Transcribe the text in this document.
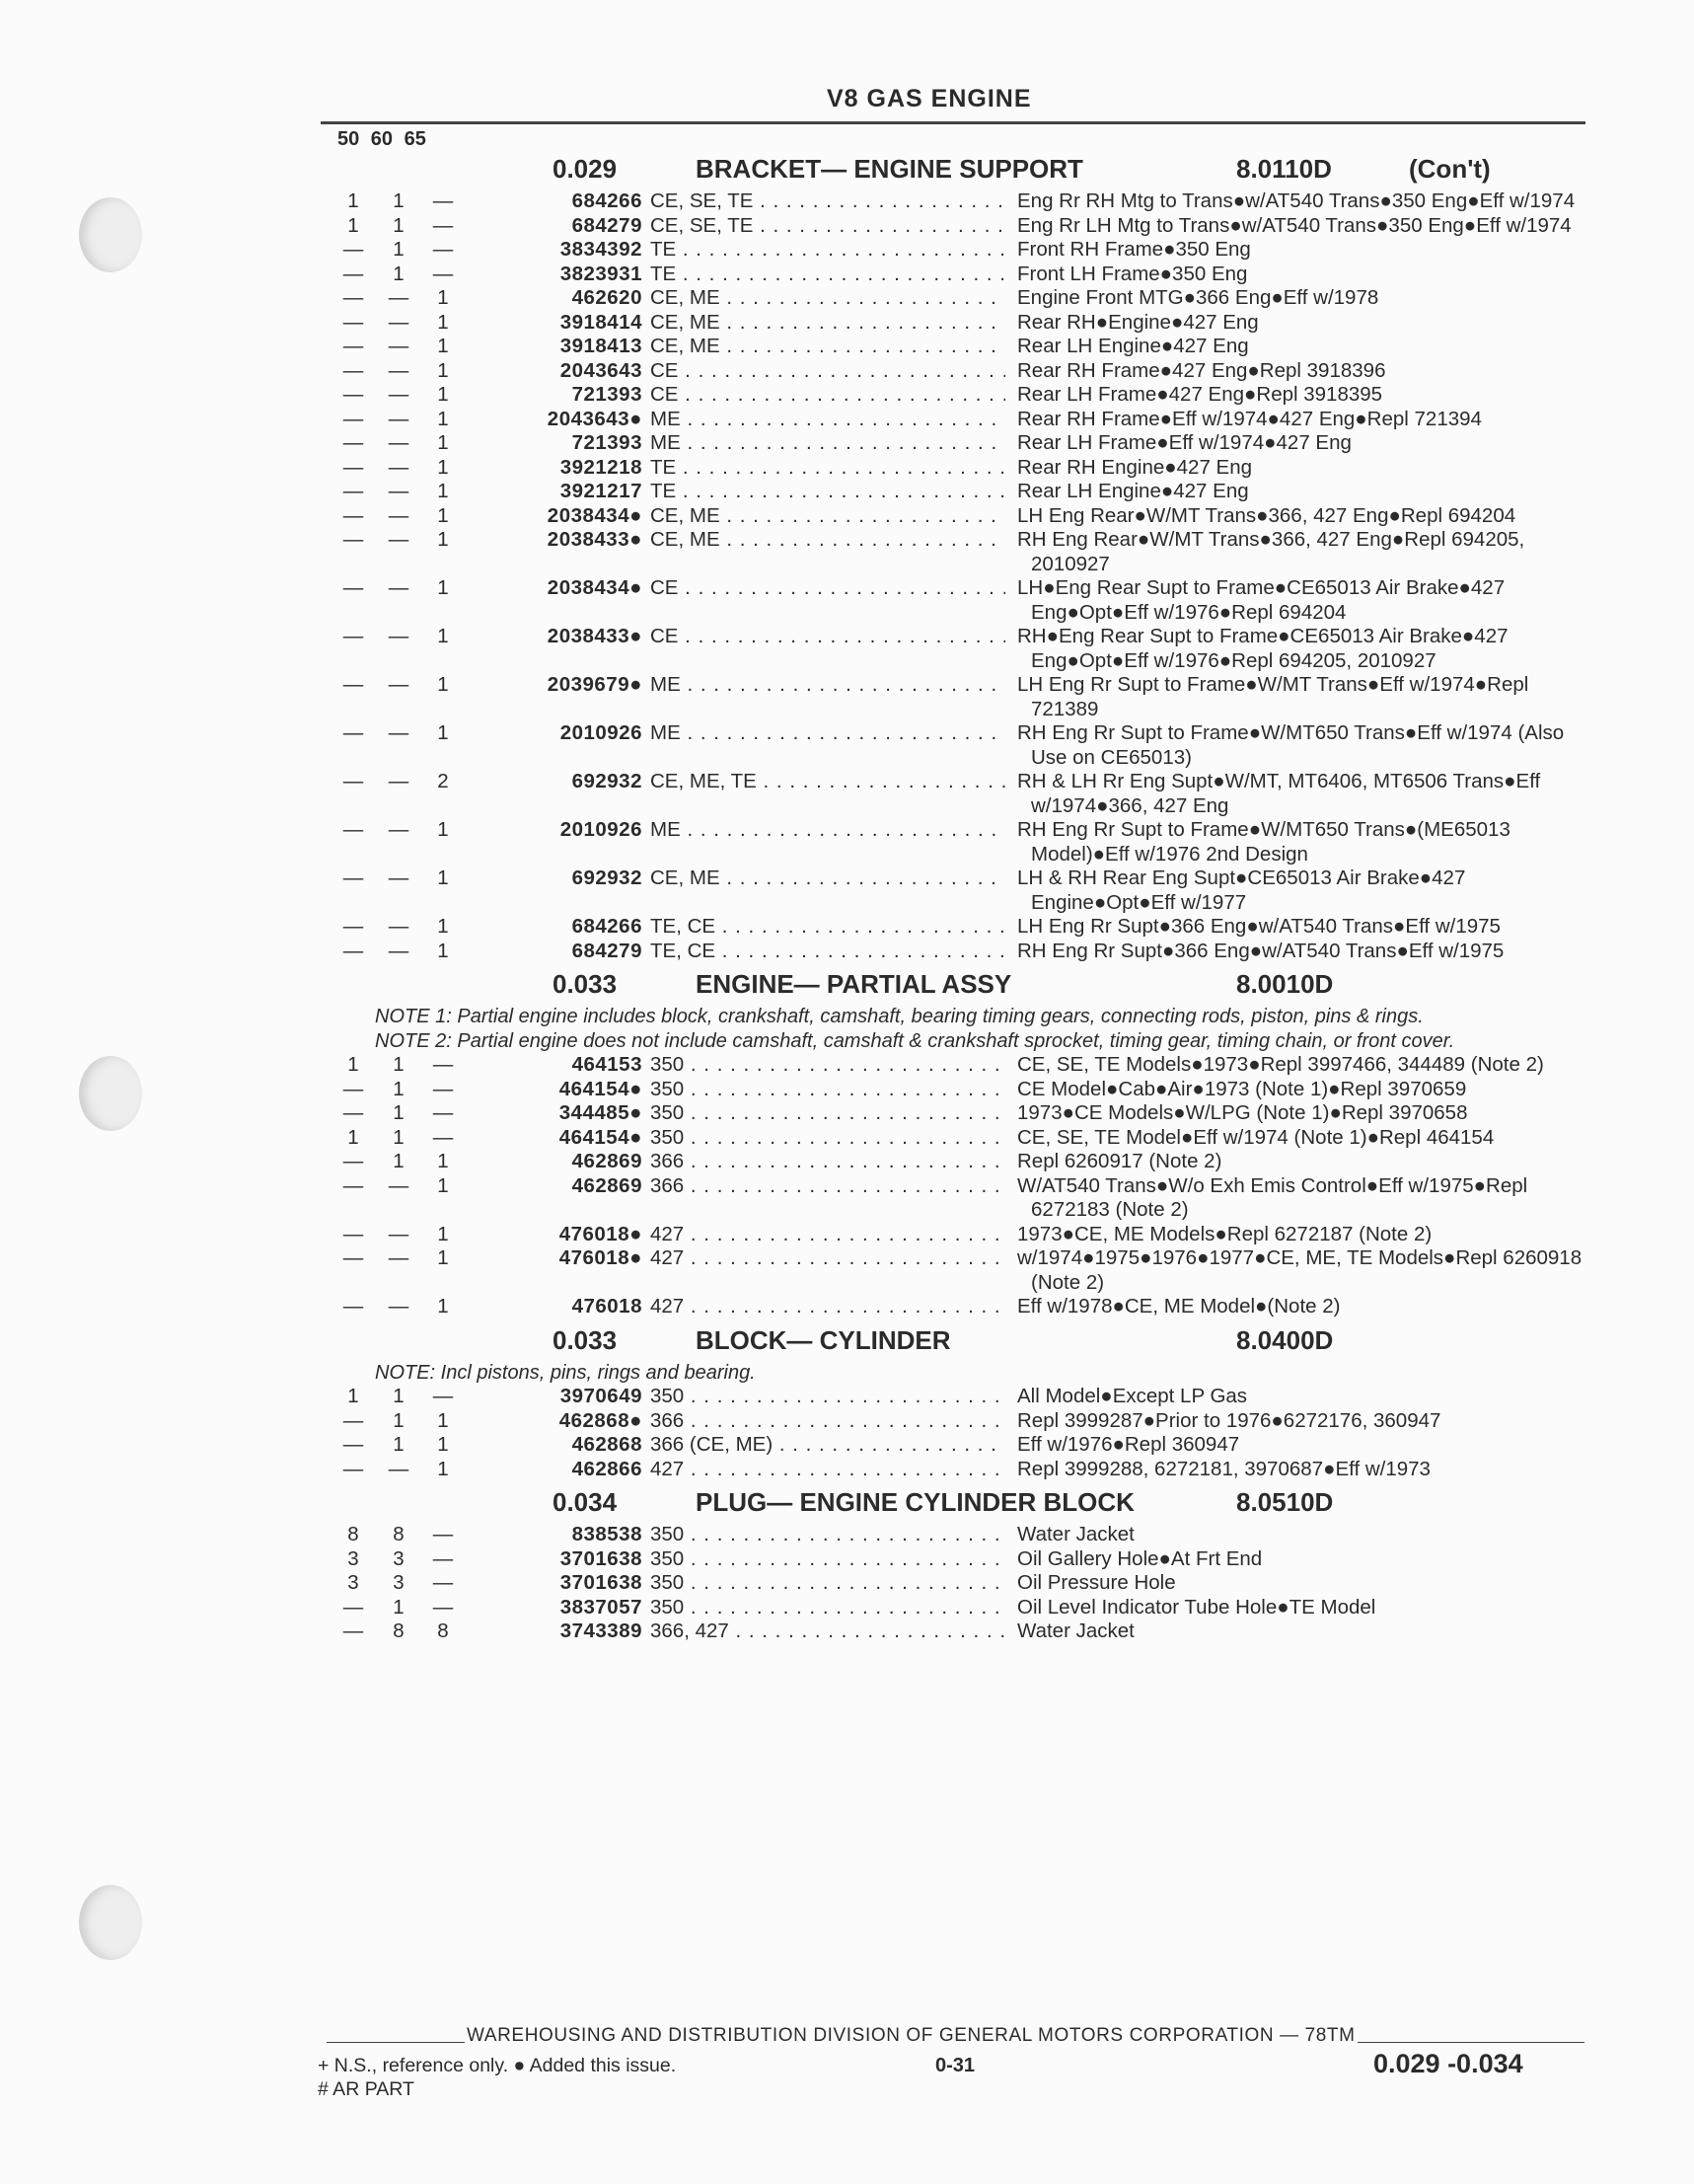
V8 GAS ENGINE
50 60 65
0.029	BRACKET— ENGINE SUPPORT	8.0110D	(Con't)
1 1 —	684266 CE, SE, TE . . .	Eng Rr RH Mtg to Trans●w/AT540 Trans●350 Eng●Eff w/1974
1 1 —	684279 CE, SE, TE . . .	Eng Rr LH Mtg to Trans●w/AT540 Trans●350 Eng●Eff w/1974
— 1 —	3834392 TE . . .	Front RH Frame●350 Eng
— 1 —	3823931 TE . . .	Front LH Frame●350 Eng
— — 1	462620 CE, ME . . .	Engine Front MTG●366 Eng●Eff w/1978
— — 1	3918414 CE, ME . . .	Rear RH●Engine●427 Eng
— — 1	3918413 CE, ME . . .	Rear LH Engine●427 Eng
— — 1	2043643 CE . . .	Rear RH Frame●427 Eng●Repl 3918396
— — 1	721393 CE . . .	Rear LH Frame●427 Eng●Repl 3918395
— — 1	2043643● ME . . .	Rear RH Frame●Eff w/1974●427 Eng●Repl 721394
— — 1	721393 ME . . .	Rear LH Frame●Eff w/1974●427 Eng
— — 1	3921218 TE . . .	Rear RH Engine●427 Eng
— — 1	3921217 TE . . .	Rear LH Engine●427 Eng
— — 1	2038434● CE, ME . . .	LH Eng Rear●W/MT Trans●366, 427 Eng●Repl 694204
— — 1	2038433● CE, ME . . .	RH Eng Rear●W/MT Trans●366, 427 Eng●Repl 694205, 2010927
— — 1	2038434● CE . . .	LH●Eng Rear Supt to Frame●CE65013 Air Brake●427 Eng●Opt●Eff w/1976●Repl 694204
— — 1	2038433● CE . . .	RH●Eng Rear Supt to Frame●CE65013 Air Brake●427 Eng●Opt●Eff w/1976●Repl 694205, 2010927
— — 1	2039679● ME . . .	LH Eng Rr Supt to Frame●W/MT Trans●Eff w/1974●Repl 721389
— — 1	2010926 ME . . .	RH Eng Rr Supt to Frame●W/MT650 Trans●Eff w/1974 (Also Use on CE65013)
— — 2	692932 CE, ME, TE . . .	RH & LH Rr Eng Supt●W/MT, MT6406, MT6506 Trans●Eff w/1974●366, 427 Eng
— — 1	2010926 ME . . .	RH Eng Rr Supt to Frame●W/MT650 Trans●(ME65013 Model)●Eff w/1976 2nd Design
— — 1	692932 CE, ME . . .	LH & RH Rear Eng Supt●CE65013 Air Brake●427 Engine●Opt●Eff w/1977
— — 1	684266 TE, CE . . .	LH Eng Rr Supt●366 Eng●w/AT540 Trans●Eff w/1975
— — 1	684279 TE, CE . . .	RH Eng Rr Supt●366 Eng●w/AT540 Trans●Eff w/1975
0.033	ENGINE— PARTIAL ASSY	8.0010D
NOTE 1: Partial engine includes block, crankshaft, camshaft, bearing timing gears, connecting rods, piston, pins & rings.
NOTE 2: Partial engine does not include camshaft, camshaft & crankshaft sprocket, timing gear, timing chain, or front cover.
1 1 —	464153 350 . . .	CE, SE, TE Models●1973●Repl 3997466, 344489 (Note 2)
— 1 —	464154● 350 . . .	CE Model●Cab●Air●1973 (Note 1)●Repl 3970659
— 1 —	344485● 350 . . .	1973●CE Models●W/LPG (Note 1)●Repl 3970658
1 1 —	464154● 350 . . .	CE, SE, TE Model●Eff w/1974 (Note 1)●Repl 464154
— 1 1	462869 366 . . .	Repl 6260917 (Note 2)
— — 1	462869 366 . . .	W/AT540 Trans●W/o Exh Emis Control●Eff w/1975●Repl 6272183 (Note 2)
— — 1	476018● 427 . . .	1973●CE, ME Models●Repl 6272187 (Note 2)
— — 1	476018● 427 . . .	w/1974●1975●1976●1977●CE, ME, TE Models●Repl 6260918 (Note 2)
— — 1	476018 427 . . .	Eff w/1978●CE, ME Model●(Note 2)
0.033	BLOCK— CYLINDER	8.0400D
NOTE: Incl pistons, pins, rings and bearing.
1 1 —	3970649 350 . . .	All Model●Except LP Gas
— 1 1	462868● 366 . . .	Repl 3999287●Prior to 1976●6272176, 360947
— 1 1	462868 366 (CE, ME) . . .	Eff w/1976●Repl 360947
— — 1	462866 427 . . .	Repl 3999288, 6272181, 3970687●Eff w/1973
0.034	PLUG— ENGINE CYLINDER BLOCK	8.0510D
8 8 —	838538 350 . . .	Water Jacket
3 3 —	3701638 350 . . .	Oil Gallery Hole●At Frt End
3 3 —	3701638 350 . . .	Oil Pressure Hole
— 1 —	3837057 350 . . .	Oil Level Indicator Tube Hole●TE Model
— 8 8	3743389 366, 427 . . .	Water Jacket
WAREHOUSING AND DISTRIBUTION DIVISION OF GENERAL MOTORS CORPORATION — 78TM
+ N.S., reference only. ● Added this issue.
# AR PART
0-31	0.029 -0.034
